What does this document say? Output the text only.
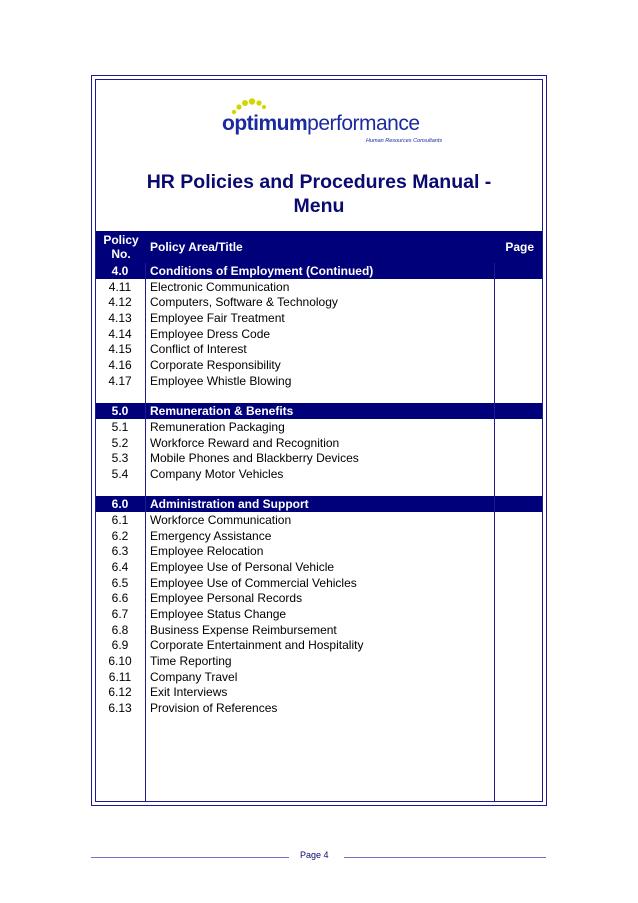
optimumperformance
Human Resources Consultants
HR Policies and Procedures Manual -
Menu
Policy
No.	Policy Area/Title	Page
4.0	Conditions of Employment (Continued)
4.11	Electronic Communication
4.12	Computers, Software & Technology
4.13	Employee Fair Treatment
4.14	Employee Dress Code
4.15	Conflict of Interest
4.16	Corporate Responsibility
4.17	Employee Whistle Blowing
5.0	Remuneration & Benefits
5.1	Remuneration Packaging
5.2	Workforce Reward and Recognition
5.3	Mobile Phones and Blackberry Devices
5.4	Company Motor Vehicles
6.0	Administration and Support
6.1	Workforce Communication
6.2	Emergency Assistance
6.3	Employee Relocation
6.4	Employee Use of Personal Vehicle
6.5	Employee Use of Commercial Vehicles
6.6	Employee Personal Records
6.7	Employee Status Change
6.8	Business Expense Reimbursement
6.9	Corporate Entertainment and Hospitality
6.10	Time Reporting
6.11	Company Travel
6.12	Exit Interviews
6.13	Provision of References
Page 4
